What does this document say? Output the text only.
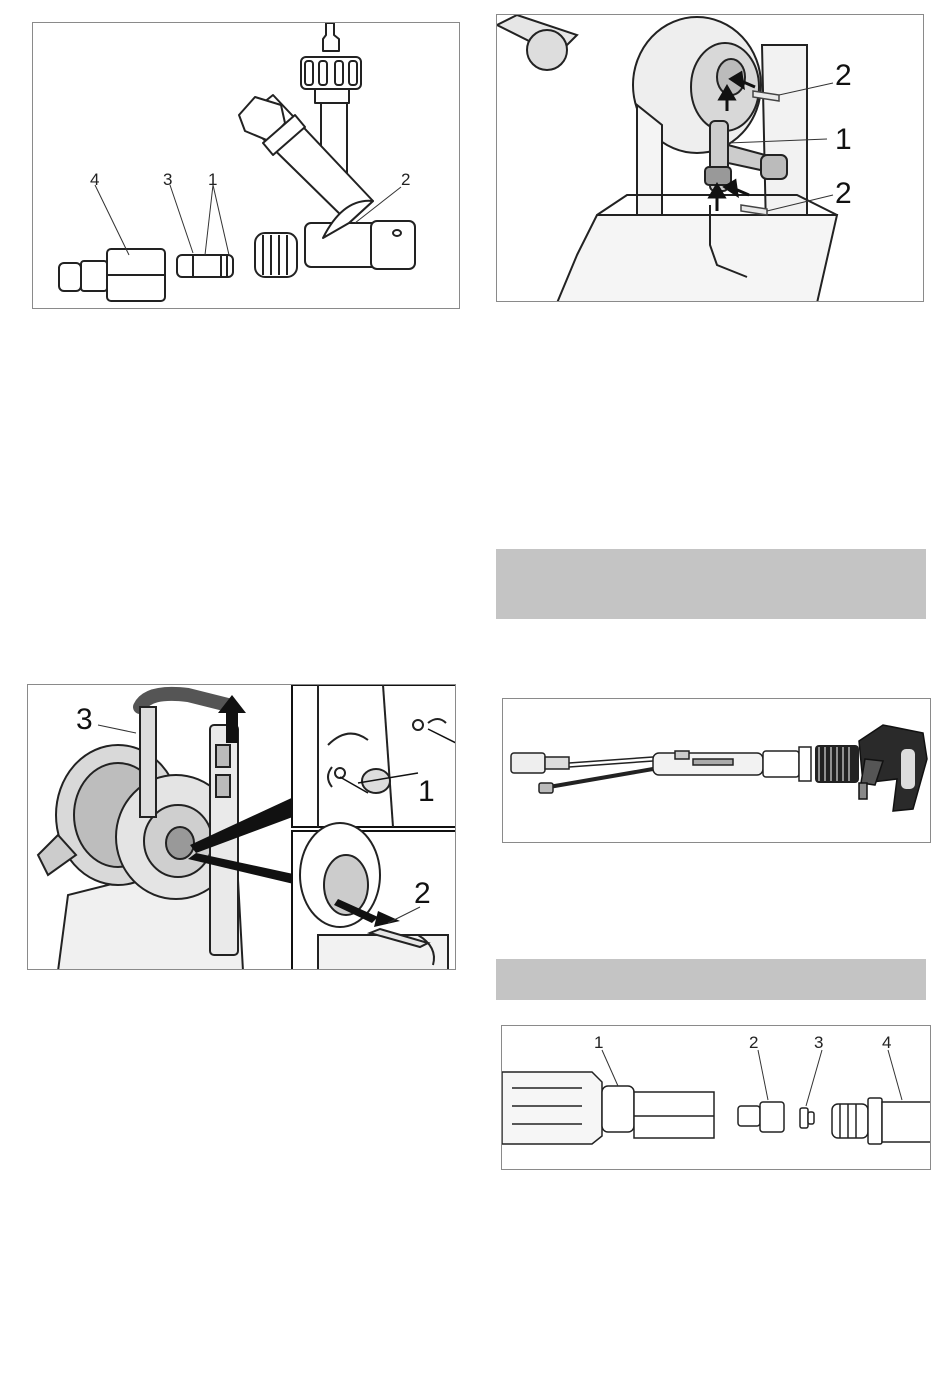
4	3 1	2
2
1
2
3
1
2
1	2	3	4
